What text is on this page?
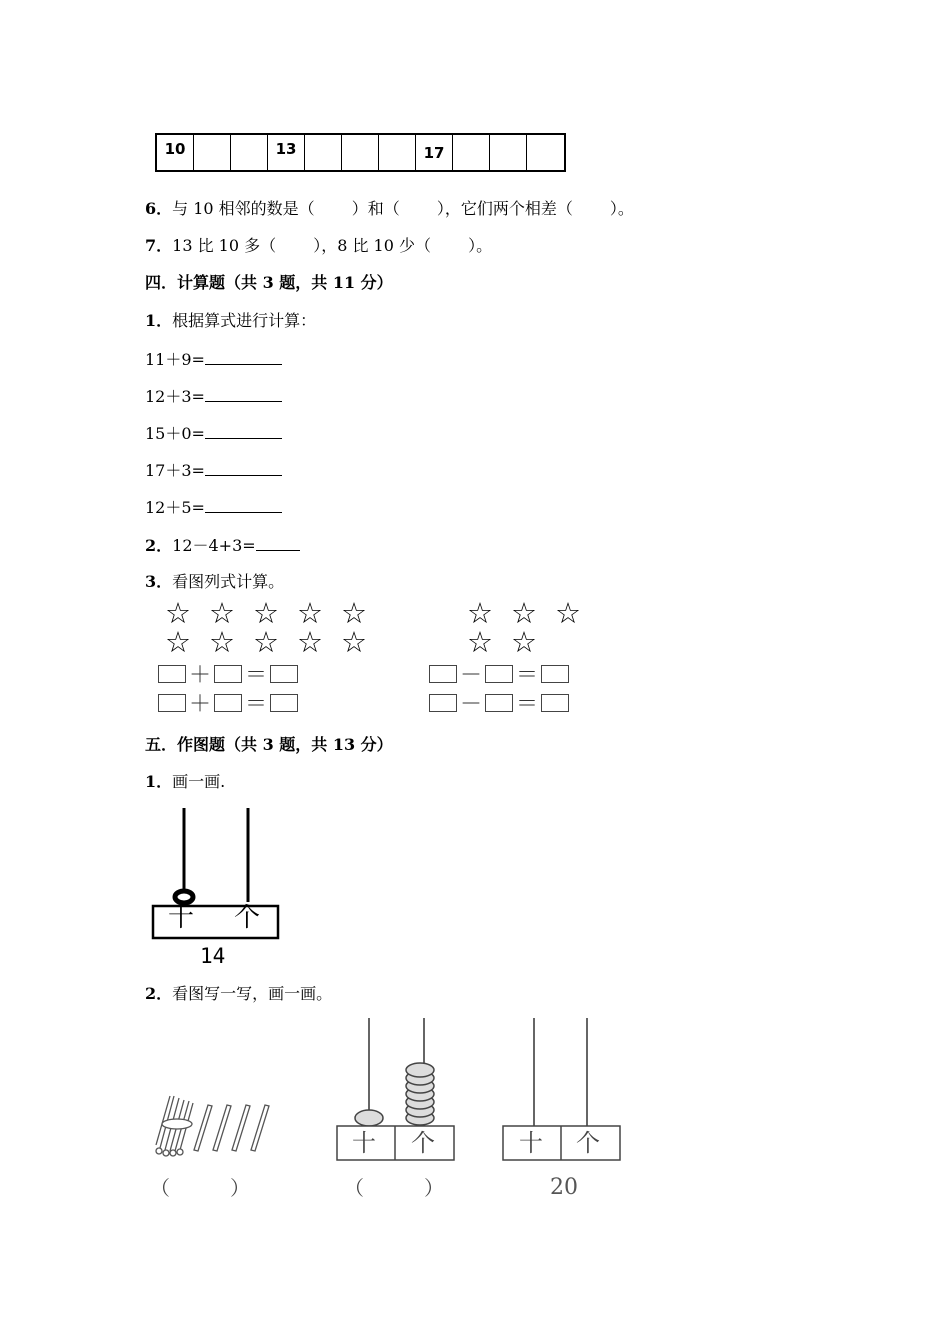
10	13	17
6．与 10 相邻的数是（　　 ）和（　　 ），它们两个相差（　　 ）。
7．13 比 10 多（　　 ），8 比 10 少（　　 ）。
四．计算题（共 3 题，共 11 分）
1．根据算式进行计算：
11＋9=
12＋3=
15＋0=
17＋3=
12＋5=
2．12－4+3=
3．看图列式计算。
☆☆☆☆☆
☆☆☆☆☆
☆☆☆
☆☆
＋ ＝
＋ ＝
－ ＝
－ ＝
五．作图题（共 3 题，共 13 分）
1．画一画.
十 个
14
2．看图写一写，画一画。
（　　　）
十 个
（　　　）
十 个
20
